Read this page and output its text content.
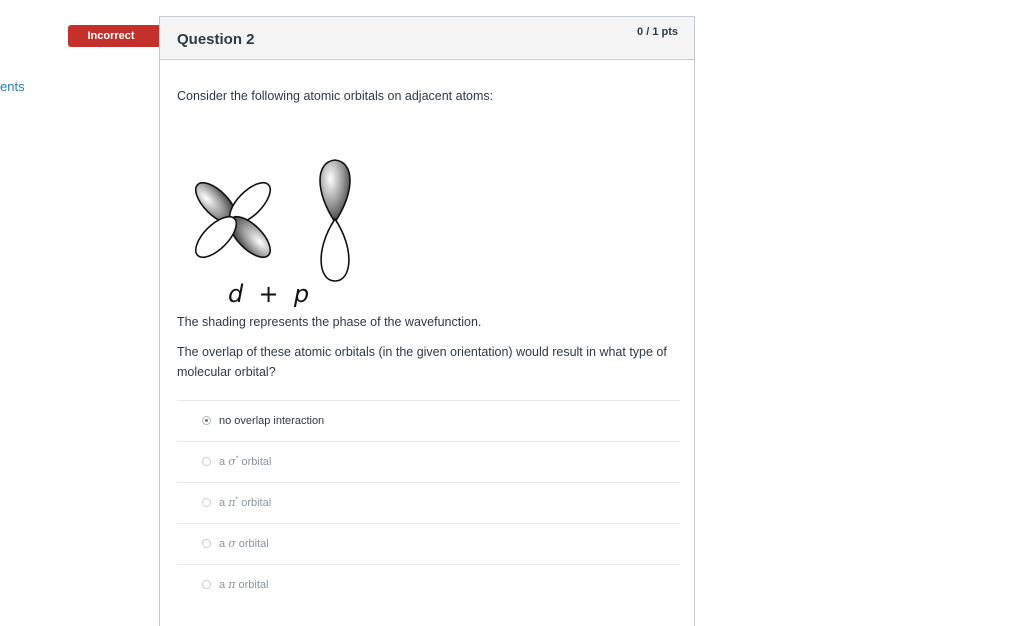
ents
Incorrect	Question 2	0 / 1 pts
Consider the following atomic orbitals on adjacent atoms:
d  +  p
The shading represents the phase of the wavefunction.
The overlap of these atomic orbitals (in the given orientation) would result in what type of molecular orbital?
no overlap interaction
a σ* orbital
a π* orbital
a σ orbital
a π orbital
